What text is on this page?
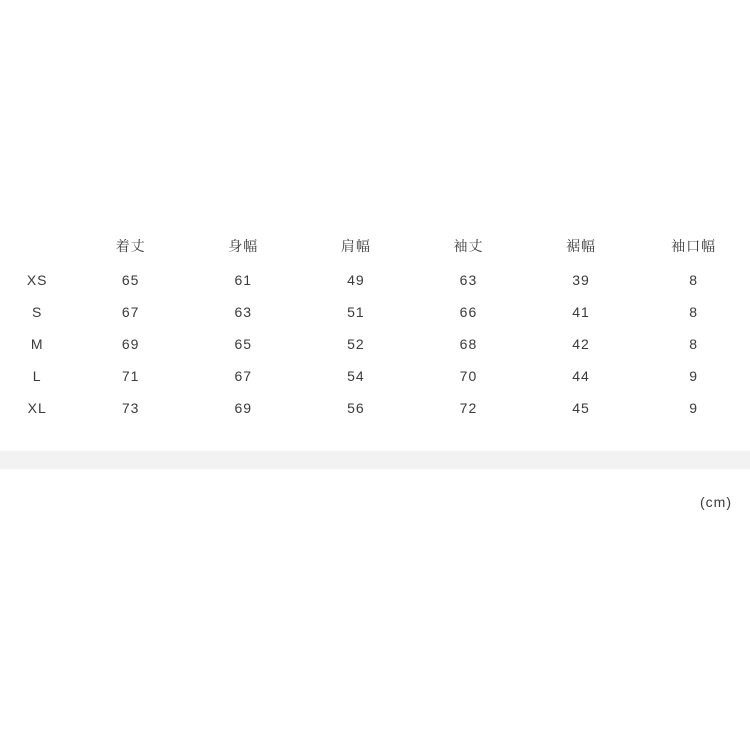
	着丈	身幅	肩幅	袖丈	裾幅	袖口幅
XS	65	61	49	63	39	8
S	67	63	51	66	41	8
M	69	65	52	68	42	8
L	71	67	54	70	44	9
XL	73	69	56	72	45	9
(cm)
